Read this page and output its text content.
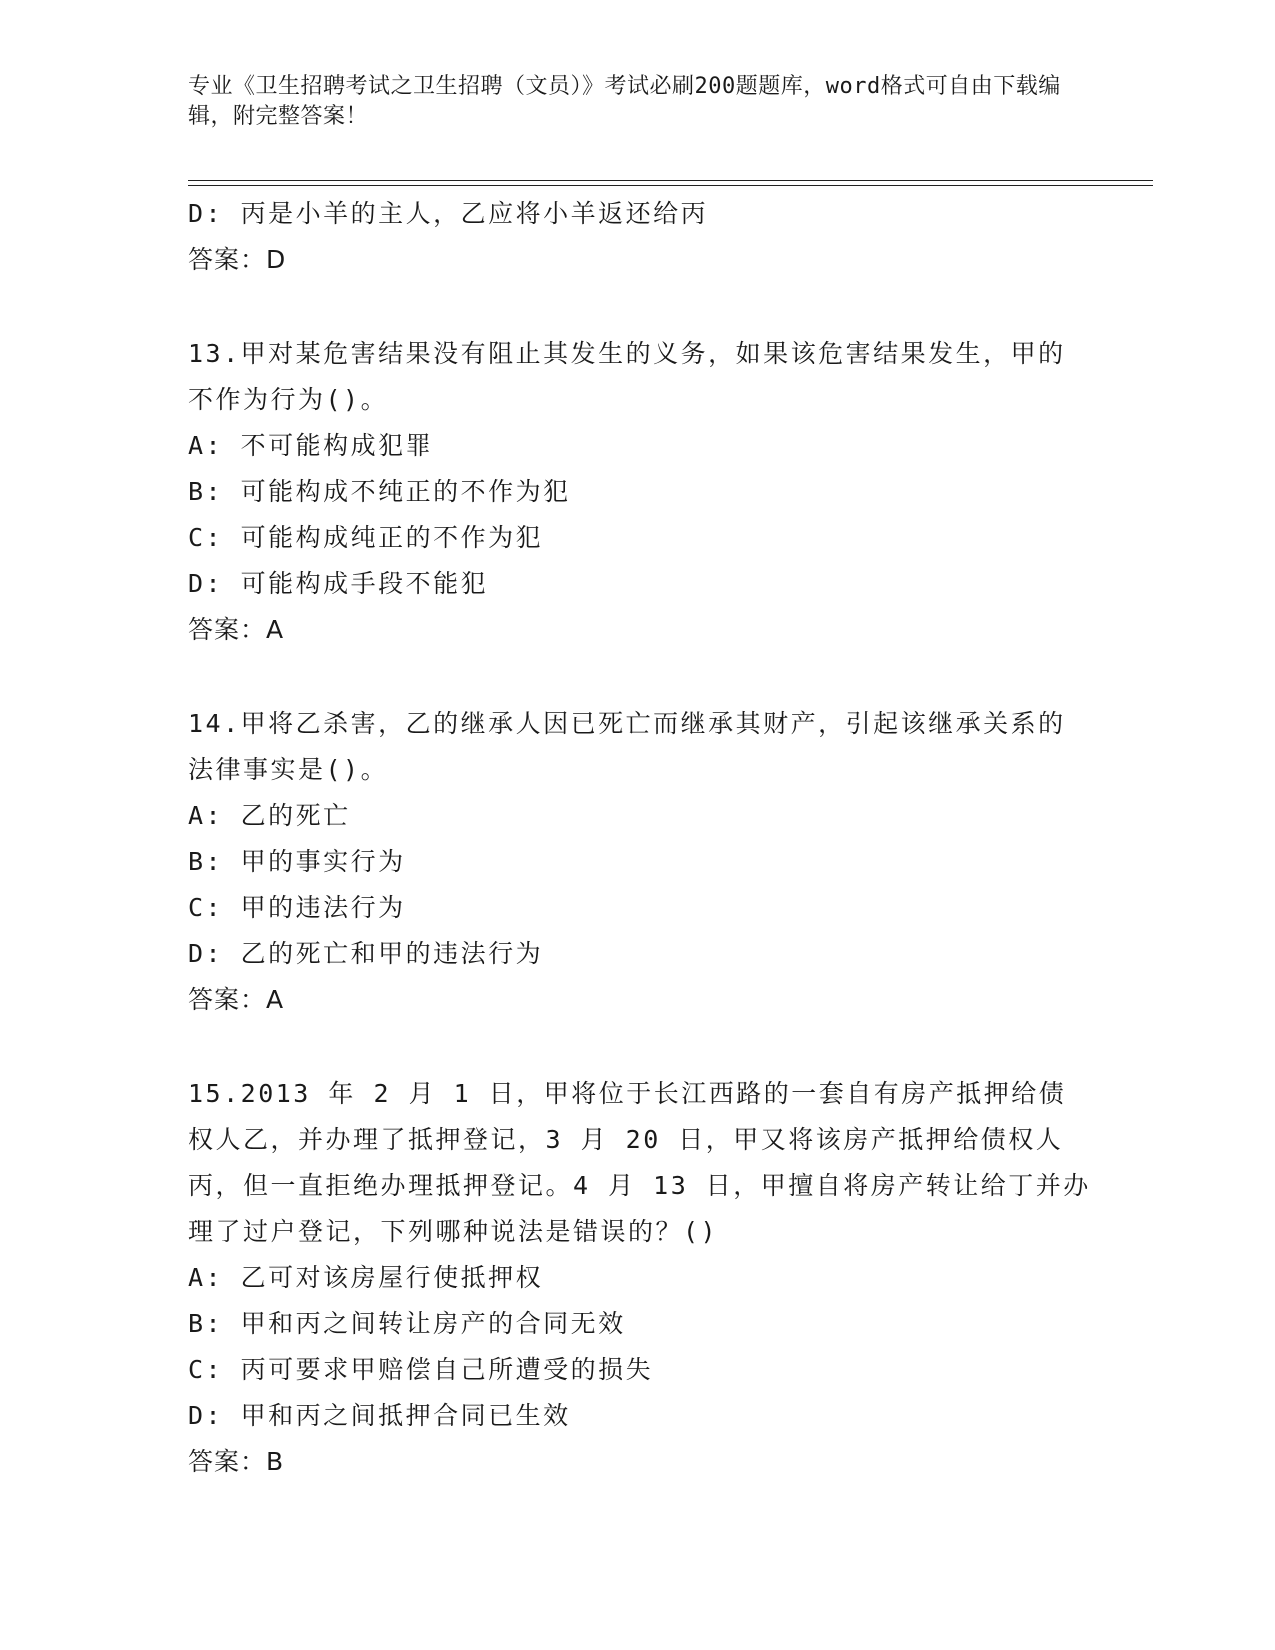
专业《卫生招聘考试之卫生招聘（文员）》考试必刷200题题库，word格式可自由下载编辑，附完整答案！
D: 丙是小羊的主人，乙应将小羊返还给丙
答案：D
13.甲对某危害结果没有阻止其发生的义务，如果该危害结果发生，甲的不作为行为()。
A: 不可能构成犯罪
B: 可能构成不纯正的不作为犯
C: 可能构成纯正的不作为犯
D: 可能构成手段不能犯
答案：A
14.甲将乙杀害，乙的继承人因已死亡而继承其财产，引起该继承关系的法律事实是()。
A: 乙的死亡
B: 甲的事实行为
C: 甲的违法行为
D: 乙的死亡和甲的违法行为
答案：A
15.2013 年 2 月 1 日，甲将位于长江西路的一套自有房产抵押给债权人乙，并办理了抵押登记，3 月 20 日，甲又将该房产抵押给债权人丙，但一直拒绝办理抵押登记。4 月 13 日，甲擅自将房产转让给丁并办理了过户登记，下列哪种说法是错误的？()
A: 乙可对该房屋行使抵押权
B: 甲和丙之间转让房产的合同无效
C: 丙可要求甲赔偿自己所遭受的损失
D: 甲和丙之间抵押合同已生效
答案：B
